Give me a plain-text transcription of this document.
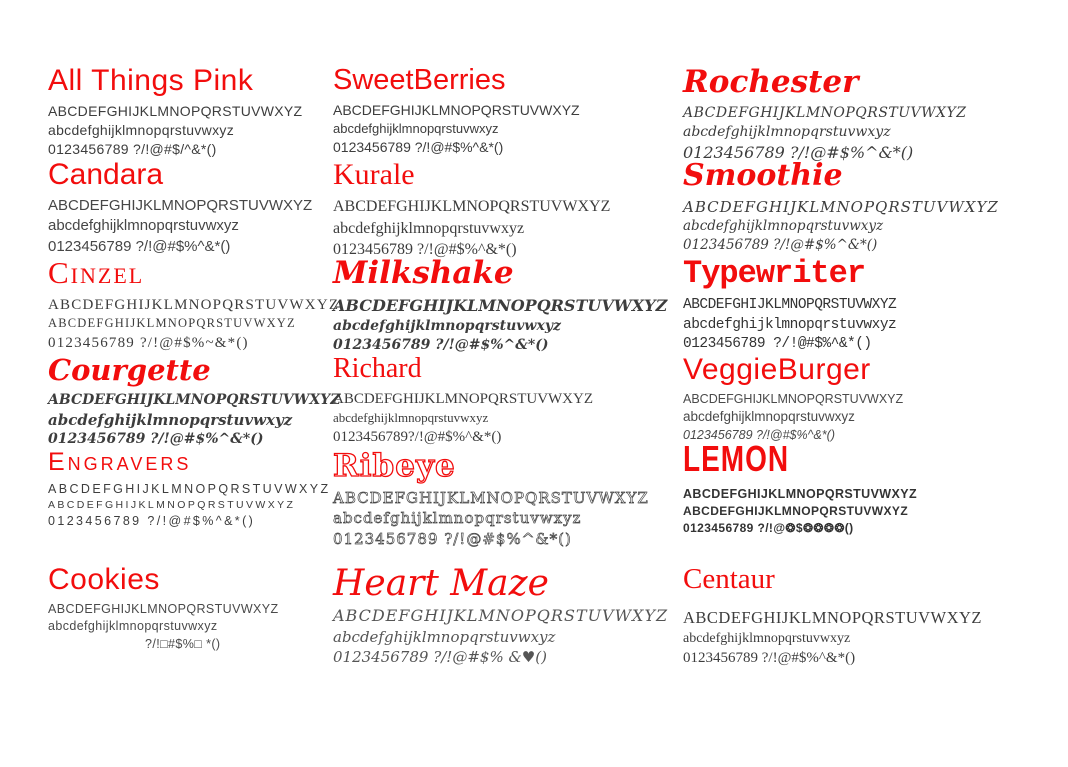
All Things Pink
ABCDEFGHIJKLMNOPQRSTUVWXYZ
abcdefghijklmnopqrstuvwxyz
0123456789 ?/!@#$/^&*()
Candara
ABCDEFGHIJKLMNOPQRSTUVWXYZ
abcdefghijklmnopqrstuvwxyz
0123456789 ?/!@#$%^&*()
Cinzel
ABCDEFGHIJKLMNOPQRSTUVWXYZ
ABCDEFGHIJKLMNOPQRSTUVWXYZ
0123456789 ?/!@#$%~&*()
Courgette
ABCDEFGHIJKLMNOPQRSTUVWXYZ
abcdefghijklmnopqrstuvwxyz
0123456789 ?/!@#$%^&*()
Engravers
ABCDEFGHIJKLMNOPQRSTUVWXYZ
ABCDEFGHIJKLMNOPQRSTUVWXYZ
0123456789 ?/!@#$%^&*()
Cookies
ABCDEFGHIJKLMNOPQRSTUVWXYZ
abcdefghijklmnopqrstuvwxyz
?/!□#$%□ *()
SweetBerries
ABCDEFGHIJKLMNOPQRSTUVWXYZ
abcdefghijklmnopqrstuvwxyz
0123456789 ?/!@#$%^&*()
Kurale
ABCDEFGHIJKLMNOPQRSTUVWXYZ
abcdefghijklmnopqrstuvwxyz
0123456789 ?/!@#$%^&*()
Milkshake
ABCDEFGHIJKLMNOPQRSTUVWXYZ
abcdefghijklmnopqrstuvwxyz
0123456789 ?/!@#$%^&*()
Richard
ABCDEFGHIJKLMNOPQRSTUVWXYZ
abcdefghijklmnopqrstuvwxyz
0123456789?/!@#$%^&*()
Ribeye
ABCDEFGHIJKLMNOPQRSTUVWXYZ
abcdefghijklmnopqrstuvwxyz
0123456789 ?/!@#$%^&*()
Heart Maze
ABCDEFGHIJKLMNOPQRSTUVWXYZ
abcdefghijklmnopqrstuvwxyz
0123456789 ?/!@#$% &♥()
Rochester
ABCDEFGHIJKLMNOPQRSTUVWXYZ
abcdefghijklmnopqrstuvwxyz
0123456789 ?/!@#$%^&*()
Smoothie
ABCDEFGHIJKLMNOPQRSTUVWXYZ
abcdefghijklmnopqrstuvwxyz
0123456789 ?/!@#$%^&*()
Typewriter
ABCDEFGHIJKLMNOPQRSTUVWXYZ
abcdefghijklmnopqrstuvwxyz
0123456789 ?/!@#$%^&*()
VeggieBurger
ABCDEFGHIJKLMNOPQRSTUVWXYZ
abcdefghijklmnopqrstuvwxyz
0123456789 ?/!@#$%^&*()
LEMON
ABCDEFGHIJKLMNOPQRSTUVWXYZ
ABCDEFGHIJKLMNOPQRSTUVWXYZ
0123456789 ?/!@❂$❂❂❂❂()
Centaur
ABCDEFGHIJKLMNOPQRSTUVWXYZ
abcdefghijklmnopqrstuvwxyz
0123456789 ?/!@#$%^&*()
